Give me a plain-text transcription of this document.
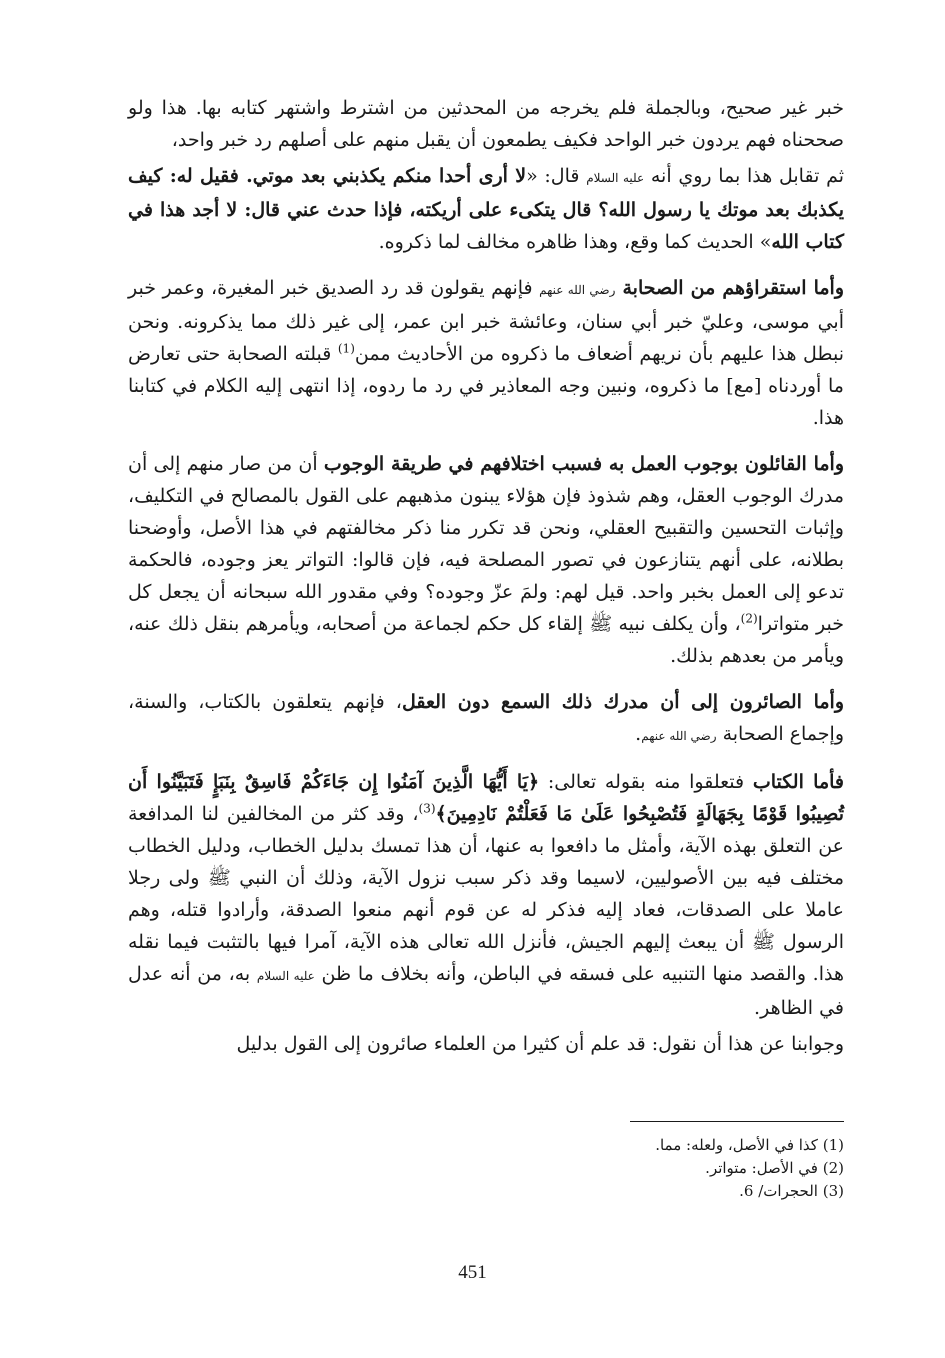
خبر غير صحيح، وبالجملة فلم يخرجه من المحدثين من اشترط واشتهر كتابه بها. هذا ولو صححناه فهم يردون خبر الواحد فكيف يطمعون أن يقبل منهم على أصلهم رد خبر واحد،

ثم تقابل هذا بما روي أنه عليه السلام قال: «لا أرى أحدا منكم يكذبني بعد موتي. فقيل له: كيف يكذبك بعد موتك يا رسول الله؟ قال يتكىء على أريكته، فإذا حدث عني قال: لا أجد هذا في كتاب الله» الحديث كما وقع، وهذا ظاهره مخالف لما ذكروه.

وأما استقراؤهم من الصحابة رضي الله عنهم فإنهم يقولون قد رد الصديق خبر المغيرة، وعمر خبر أبي موسى، وعليّ خبر أبي سنان، وعائشة خبر ابن عمر، إلى غير ذلك مما يذكرونه. ونحن نبطل هذا عليهم بأن نريهم أضعاف ما ذكروه من الأحاديث ممن$^{(1)}$ قبلته الصحابة حتى تعارض ما أوردناه [مع] ما ذكروه، ونبين وجه المعاذير في رد ما ردوه، إذا انتهى إليه الكلام في كتابنا هذا.

وأما القائلون بوجوب العمل به فسبب اختلافهم في طريقة الوجوب أن من صار منهم إلى أن مدرك الوجوب العقل، وهم شذوذ فإن هؤلاء يبنون مذهبهم على القول بالمصالح في التكليف، وإثبات التحسين والتقبيح العقلي، ونحن قد تكرر منا ذكر مخالفتهم في هذا الأصل، وأوضحنا بطلانه، على أنهم يتنازعون في تصور المصلحة فيه، فإن قالوا: التواتر يعز وجوده، فالحكمة تدعو إلى العمل بخبر واحد. قيل لهم: ولمَ عزّ وجوده؟ وفي مقدور الله سبحانه أن يجعل كل خبر متواترا$^{(2)}$، وأن يكلف نبيه ﷺ إلقاء كل حكم لجماعة من أصحابه، ويأمرهم بنقل ذلك عنه، ويأمر من بعدهم بذلك.

وأما الصائرون إلى أن مدرك ذلك السمع دون العقل، فإنهم يتعلقون بالكتاب، والسنة، وإجماع الصحابة رضي الله عنهم.

فأما الكتاب فتعلقوا منه بقوله تعالى: ﴿يَا أَيُّهَا الَّذِينَ آمَنُوا إِن جَاءَكُمْ فَاسِقٌ بِنَبَإٍ فَتَبَيَّنُوا أَن تُصِيبُوا قَوْمًا بِجَهَالَةٍ فَتُصْبِحُوا عَلَىٰ مَا فَعَلْتُمْ نَادِمِينَ﴾$^{(3)}$، وقد كثر من المخالفين لنا المدافعة عن التعلق بهذه الآية، وأمثل ما دافعوا به عنها، أن هذا تمسك بدليل الخطاب، ودليل الخطاب مختلف فيه بين الأصوليين، لاسيما وقد ذكر سبب نزول الآية، وذلك أن النبي ﷺ ولى رجلا عاملا على الصدقات، فعاد إليه فذكر له عن قوم أنهم منعوا الصدقة، وأرادوا قتله، وهم الرسول ﷺ أن يبعث إليهم الجيش، فأنزل الله تعالى هذه الآية، آمرا فيها بالتثبت فيما نقله هذا. والقصد منها التنبيه على فسقه في الباطن، وأنه بخلاف ما ظن عليه السلام به، من أنه عدل في الظاهر.

وجوابنا عن هذا أن نقول: قد علم أن كثيرا من العلماء صائرون إلى القول بدليل

(1) كذا في الأصل، ولعله: مما.
(2) في الأصل: متواتر.
(3) الحجرات/ 6.
451
